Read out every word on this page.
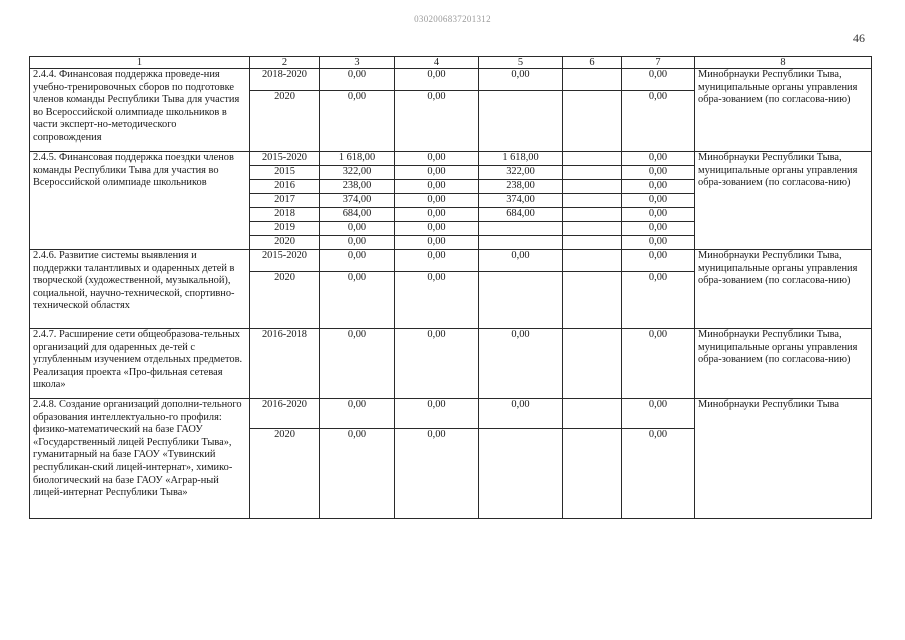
0302006837201312
46
1	2	3	4	5	6	7	8
2.4.4. Финансовая поддержка проведе-ния учебно-тренировочных сборов по подготовке членов команды Республики Тыва для участия во Всероссийской олимпиаде школьников в части эксперт-но-методического сопровождения	2018-2020	0,00	0,00	0,00		0,00	Минобрнауки Республики Тыва, муниципальные органы управления обра-зованием (по согласова-нию)
	2020	0,00	0,00			0,00	
2.4.5. Финансовая поддержка поездки членов команды Республики Тыва для участия во Всероссийской олимпиаде школьников	2015-2020	1 618,00	0,00	1 618,00		0,00	Минобрнауки Республики Тыва, муниципальные органы управления обра-зованием (по согласова-нию)
	2015	322,00	0,00	322,00		0,00	
	2016	238,00	0,00	238,00		0,00	
	2017	374,00	0,00	374,00		0,00	
	2018	684,00	0,00	684,00		0,00	
	2019	0,00	0,00			0,00	
	2020	0,00	0,00			0,00	
2.4.6. Развитие системы выявления и поддержки талантливых и одаренных детей в творческой (художественной, музыкальной), социальной, научно-технической, спортивно-технической областях	2015-2020	0,00	0,00	0,00		0,00	Минобрнауки Республики Тыва, муниципальные органы управления обра-зованием (по согласова-нию)
	2020	0,00	0,00			0,00	
2.4.7. Расширение сети общеобразова-тельных организаций для одаренных де-тей с углубленным изучением отдельных предметов. Реализация проекта «Про-фильная сетевая школа»	2016-2018	0,00	0,00	0,00		0,00	Минобрнауки Республики Тыва, муниципальные органы управления обра-зованием (по согласова-нию)
2.4.8. Создание организаций дополни-тельного образования интеллектуально-го профиля: физико-математический на базе ГАОУ «Государственный лицей Республики Тыва», гуманитарный на базе ГАОУ «Тувинский республикан-ский лицей-интернат», химико-биологический на базе ГАОУ «Аграр-ный лицей-интернат Республики Тыва»	2016-2020	0,00	0,00	0,00		0,00	Минобрнауки Республики Тыва
	2020	0,00	0,00			0,00	
